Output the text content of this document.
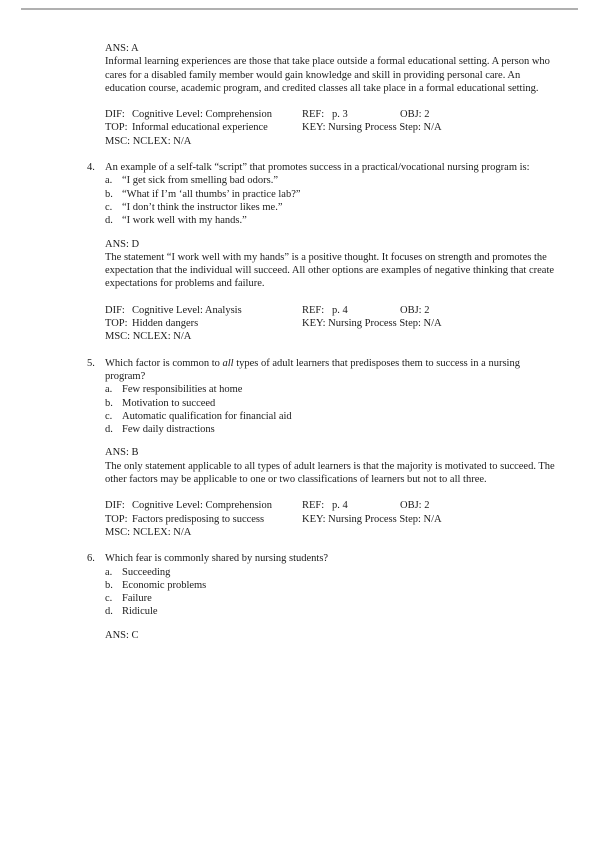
ANS: A
Informal learning experiences are those that take place outside a formal educational setting. A person who cares for a disabled family member would gain knowledge and skill in providing personal care. An education course, academic program, and credited classes all take place in a formal educational setting.
DIF: Cognitive Level: Comprehension	REF: p. 3	OBJ: 2
TOP: Informal educational experience	KEY: Nursing Process Step: N/A
MSC: NCLEX: N/A
4. An example of a self-talk “script” that promotes success in a practical/vocational nursing program is:
a. “I get sick from smelling bad odors.”
b. “What if I’m ‘all thumbs’ in practice lab?”
c. “I don’t think the instructor likes me.”
d. “I work well with my hands.”
ANS: D
The statement “I work well with my hands” is a positive thought. It focuses on strength and promotes the expectation that the individual will succeed. All other options are examples of negative thinking that create expectations for problems and failure.
DIF: Cognitive Level: Analysis	REF: p. 4	OBJ: 2
TOP: Hidden dangers	KEY: Nursing Process Step: N/A
MSC: NCLEX: N/A
5. Which factor is common to all types of adult learners that predisposes them to success in a nursing program?
a. Few responsibilities at home
b. Motivation to succeed
c. Automatic qualification for financial aid
d. Few daily distractions
ANS: B
The only statement applicable to all types of adult learners is that the majority is motivated to succeed. The other factors may be applicable to one or two classifications of learners but not to all three.
DIF: Cognitive Level: Comprehension	REF: p. 4	OBJ: 2
TOP: Factors predisposing to success	KEY: Nursing Process Step: N/A
MSC: NCLEX: N/A
6. Which fear is commonly shared by nursing students?
a. Succeeding
b. Economic problems
c. Failure
d. Ridicule
ANS: C
